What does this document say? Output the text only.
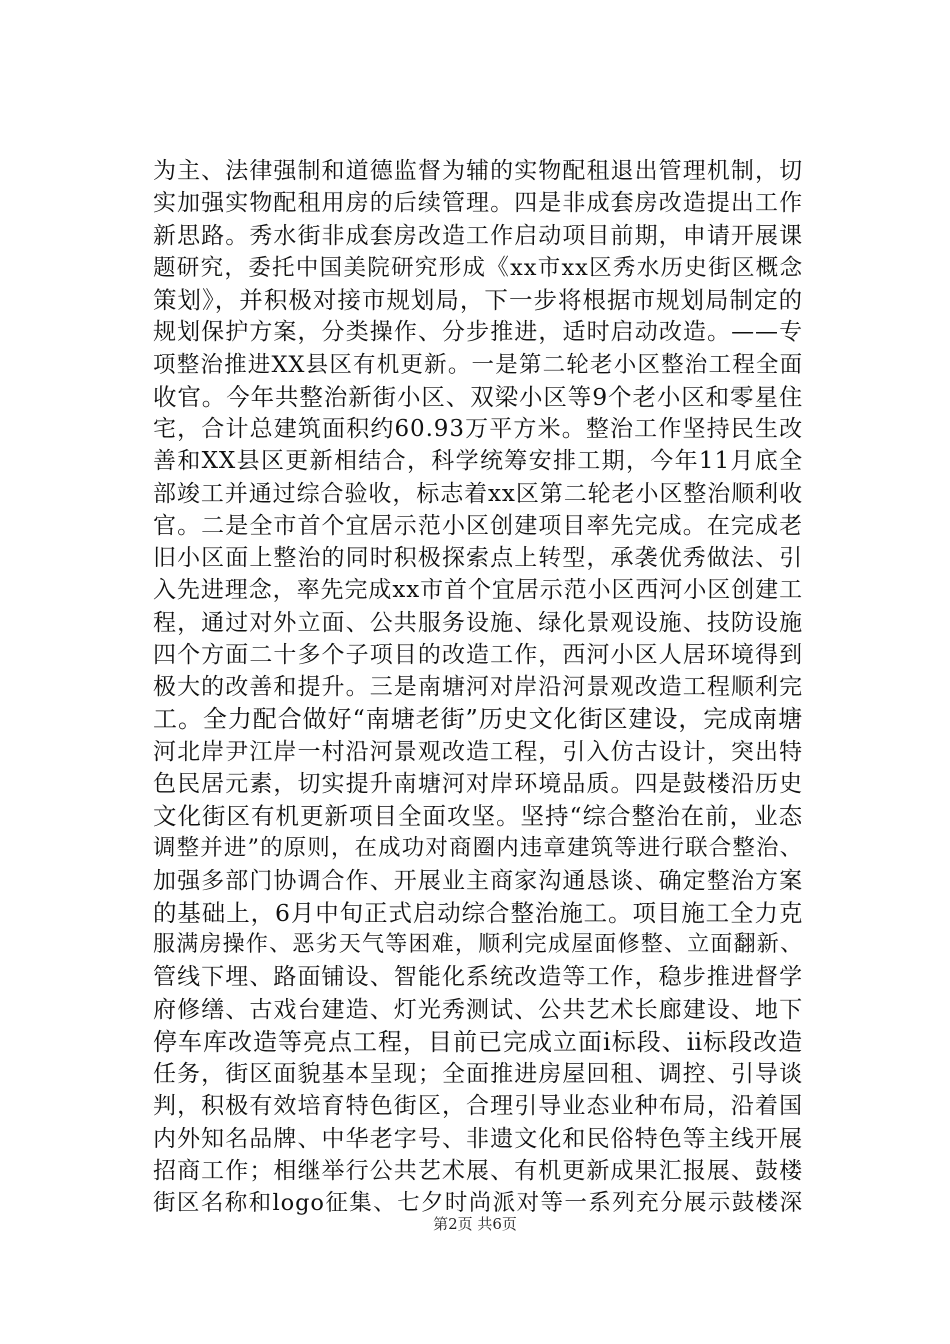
为主、法律强制和道德监督为辅的实物配租退出管理机制，切
实加强实物配租用房的后续管理。四是非成套房改造提出工作
新思路。秀水街非成套房改造工作启动项目前期，申请开展课
题研究，委托中国美院研究形成《xx市xx区秀水历史街区概念
策划》，并积极对接市规划局，下一步将根据市规划局制定的
规划保护方案，分类操作、分步推进，适时启动改造。——专
项整治推进XX县区有机更新。一是第二轮老小区整治工程全面
收官。今年共整治新街小区、双梁小区等9个老小区和零星住
宅，合计总建筑面积约60.93万平方米。整治工作坚持民生改
善和XX县区更新相结合，科学统筹安排工期，今年11月底全
部竣工并通过综合验收，标志着xx区第二轮老小区整治顺利收
官。二是全市首个宜居示范小区创建项目率先完成。在完成老
旧小区面上整治的同时积极探索点上转型，承袭优秀做法、引
入先进理念，率先完成xx市首个宜居示范小区西河小区创建工
程，通过对外立面、公共服务设施、绿化景观设施、技防设施
四个方面二十多个子项目的改造工作，西河小区人居环境得到
极大的改善和提升。三是南塘河对岸沿河景观改造工程顺利完
工。全力配合做好“南塘老街”历史文化街区建设，完成南塘
河北岸尹江岸一村沿河景观改造工程，引入仿古设计，突出特
色民居元素，切实提升南塘河对岸环境品质。四是鼓楼沿历史
文化街区有机更新项目全面攻坚。坚持“综合整治在前，业态
调整并进”的原则，在成功对商圈内违章建筑等进行联合整治、
加强多部门协调合作、开展业主商家沟通恳谈、确定整治方案
的基础上，6月中旬正式启动综合整治施工。项目施工全力克
服满房操作、恶劣天气等困难，顺利完成屋面修整、立面翻新、
管线下埋、路面铺设、智能化系统改造等工作，稳步推进督学
府修缮、古戏台建造、灯光秀测试、公共艺术长廊建设、地下
停车库改造等亮点工程，目前已完成立面ⅰ标段、ⅱ标段改造
任务，街区面貌基本呈现；全面推进房屋回租、调控、引导谈
判，积极有效培育特色街区，合理引导业态业种布局，沿着国
内外知名品牌、中华老字号、非遗文化和民俗特色等主线开展
招商工作；相继举行公共艺术展、有机更新成果汇报展、鼓楼
街区名称和logo征集、七夕时尚派对等一系列充分展示鼓楼深
第2页 共6页
